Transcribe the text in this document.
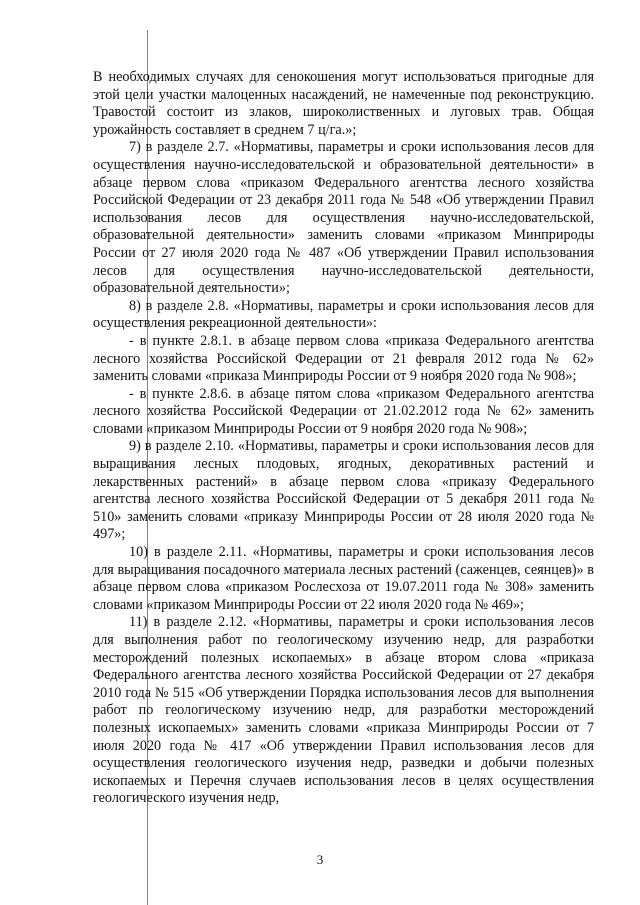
В необходимых случаях для сенокошения могут использоваться пригодные для этой цели участки малоценных насаждений, не намеченные под реконструкцию. Травостой состоит из злаков, широколиственных и луговых трав. Общая урожайность составляет в среднем 7 ц/га.»;

7) в разделе 2.7. «Нормативы, параметры и сроки использования лесов для осуществления научно-исследовательской и образовательной деятельности» в абзаце первом слова «приказом Федерального агентства лесного хозяйства Российской Федерации от 23 декабря 2011 года № 548 «Об утверждении Правил использования лесов для осуществления научно-исследовательской, образовательной деятельности» заменить словами «приказом Минприроды России от 27 июля 2020 года № 487 «Об утверждении Правил использования лесов для осуществления научно-исследовательской деятельности, образовательной деятельности»;

8) в разделе 2.8. «Нормативы, параметры и сроки использования лесов для осуществления рекреационной деятельности»:

- в пункте 2.8.1. в абзаце первом слова «приказа Федерального агентства лесного хозяйства Российской Федерации от 21 февраля 2012 года № 62» заменить словами «приказа Минприроды России от 9 ноября 2020 года № 908»;

- в пункте 2.8.6. в абзаце пятом слова «приказом Федерального агентства лесного хозяйства Российской Федерации от 21.02.2012 года № 62» заменить словами «приказом Минприроды России от 9 ноября 2020 года № 908»;

9) в разделе 2.10. «Нормативы, параметры и сроки использования лесов для выращивания лесных плодовых, ягодных, декоративных растений и лекарственных растений» в абзаце первом слова «приказу Федерального агентства лесного хозяйства Российской Федерации от 5 декабря 2011 года № 510» заменить словами «приказу Минприроды России от 28 июля 2020 года № 497»;

10) в разделе 2.11. «Нормативы, параметры и сроки использования лесов для выращивания посадочного материала лесных растений (саженцев, сеянцев)» в абзаце первом слова «приказом Рослесхоза от 19.07.2011 года № 308» заменить словами «приказом Минприроды России от 22 июля 2020 года № 469»;

11) в разделе 2.12. «Нормативы, параметры и сроки использования лесов для выполнения работ по геологическому изучению недр, для разработки месторождений полезных ископаемых» в абзаце втором слова «приказа Федерального агентства лесного хозяйства Российской Федерации от 27 декабря 2010 года № 515 «Об утверждении Порядка использования лесов для выполнения работ по геологическому изучению недр, для разработки месторождений полезных ископаемых» заменить словами «приказа Минприроды России от 7 июля 2020 года № 417 «Об утверждении Правил использования лесов для осуществления геологического изучения недр, разведки и добычи полезных ископаемых и Перечня случаев использования лесов в целях осуществления геологического изучения недр,

3
